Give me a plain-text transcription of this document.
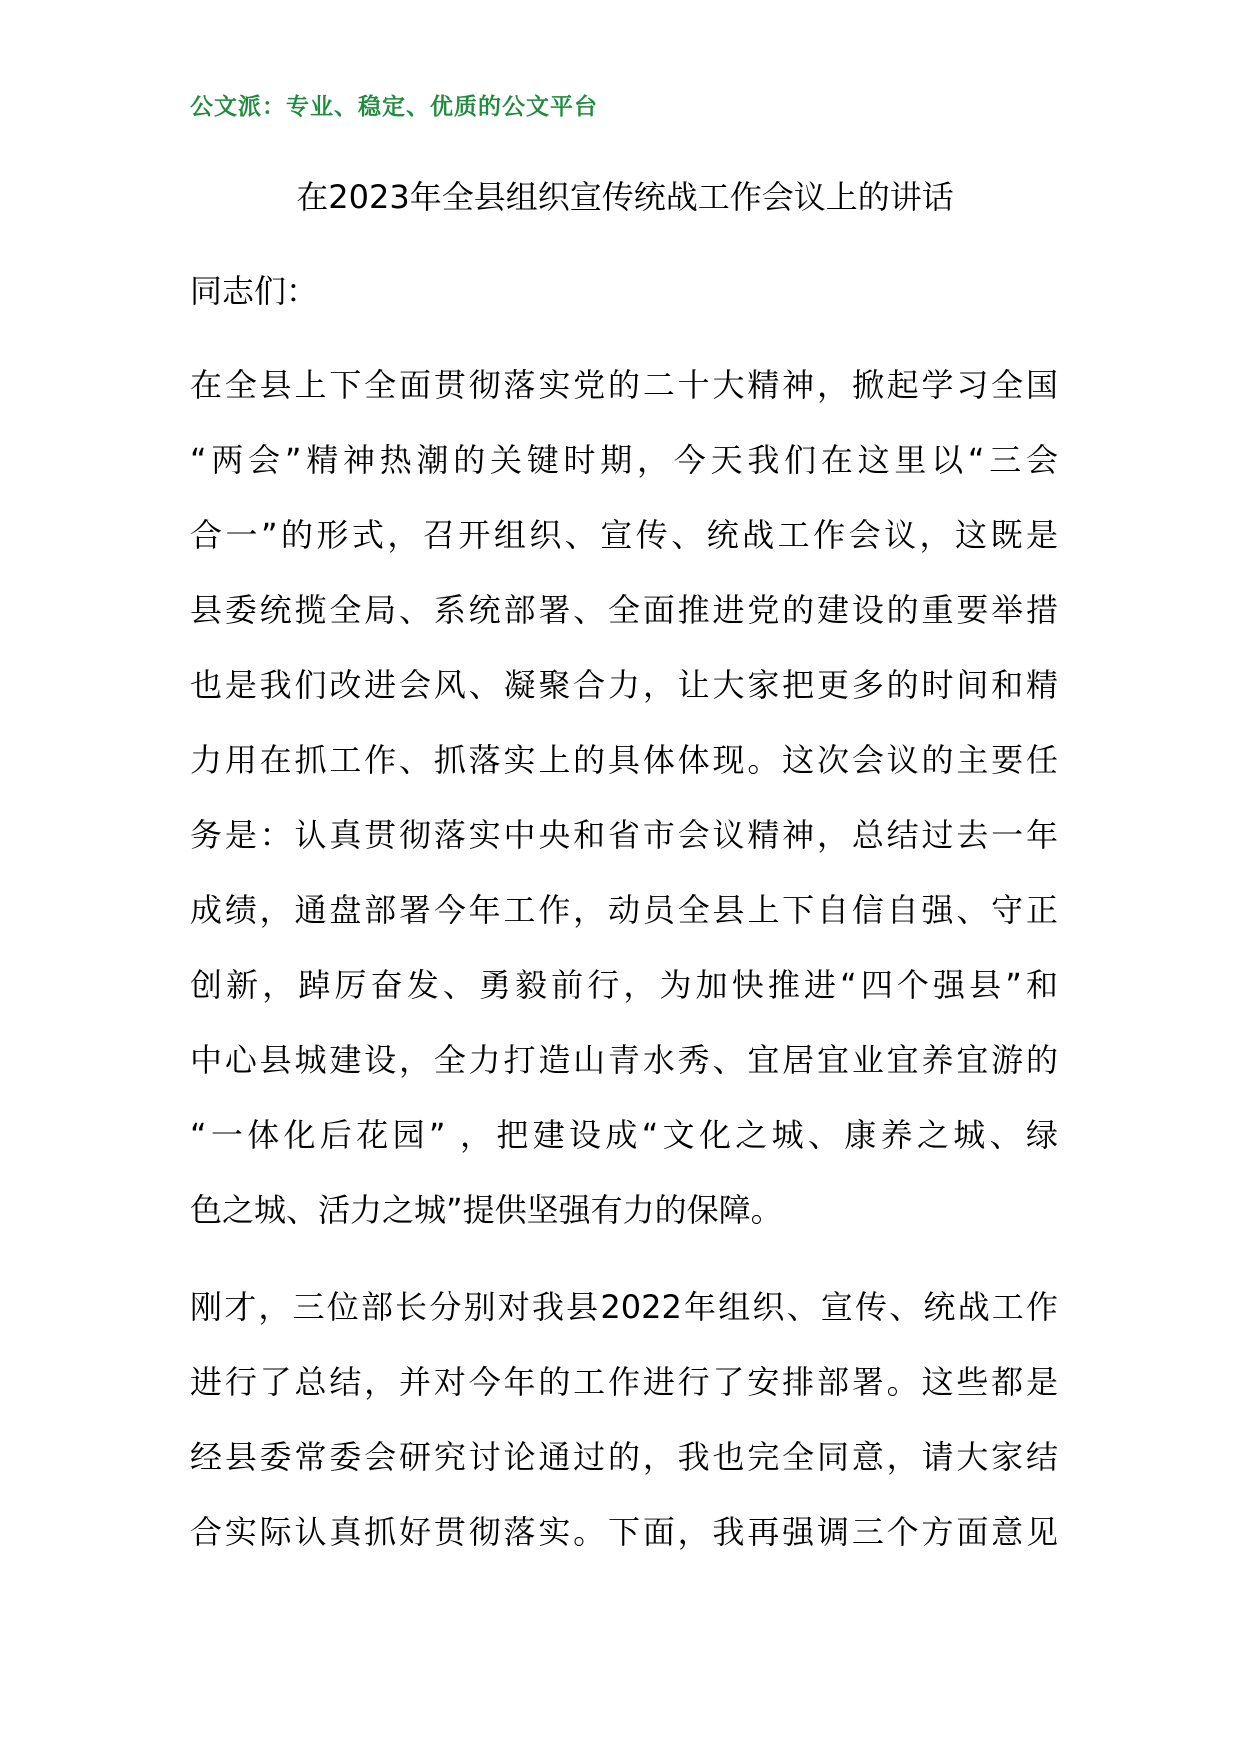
公文派：专业、稳定、优质的公文平台
在2023年全县组织宣传统战工作会议上的讲话
同志们：
在全县上下全面贯彻落实党的二十大精神，掀起学习全国
“两会”精神热潮的关键时期，今天我们在这里以“三会
合一”的形式，召开组织、宣传、统战工作会议，这既是
县委统揽全局、系统部署、全面推进党的建设的重要举措
也是我们改进会风、凝聚合力，让大家把更多的时间和精
力用在抓工作、抓落实上的具体体现。这次会议的主要任
务是：认真贯彻落实中央和省市会议精神，总结过去一年
成绩，通盘部署今年工作，动员全县上下自信自强、守正
创新，踔厉奋发、勇毅前行，为加快推进“四个强县”和
中心县城建设，全力打造山青水秀、宜居宜业宜养宜游的
“一体化后花园” ，把建设成“文化之城、康养之城、绿
色之城、活力之城”提供坚强有力的保障。
刚才，三位部长分别对我县2022年组织、宣传、统战工作
进行了总结，并对今年的工作进行了安排部署。这些都是
经县委常委会研究讨论通过的，我也完全同意，请大家结
合实际认真抓好贯彻落实。下面，我再强调三个方面意见
